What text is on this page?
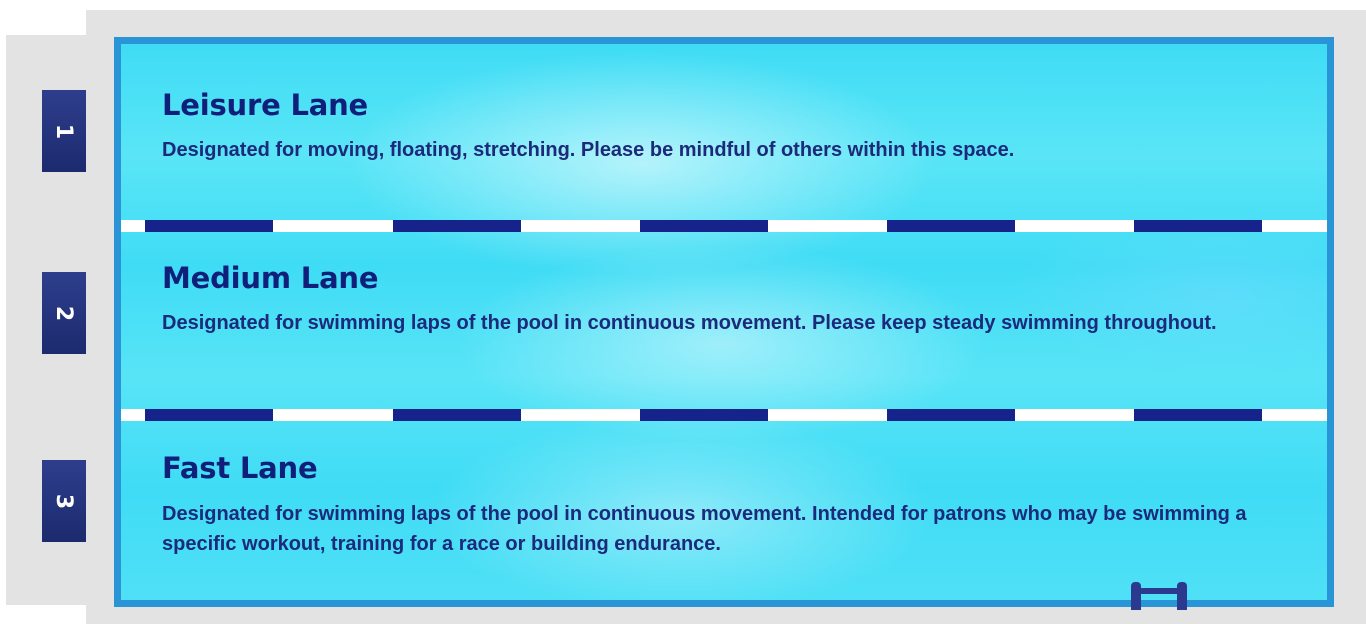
1
2
3
Leisure Lane

Designated for moving, floating, stretching. Please be mindful of others within this space.

Medium Lane

Designated for swimming laps of the pool in continuous movement. Please keep steady swimming throughout.

Fast Lane

Designated for swimming laps of the pool in continuous movement. Intended for patrons who may be swimming a specific workout, training for a race or building endurance.
